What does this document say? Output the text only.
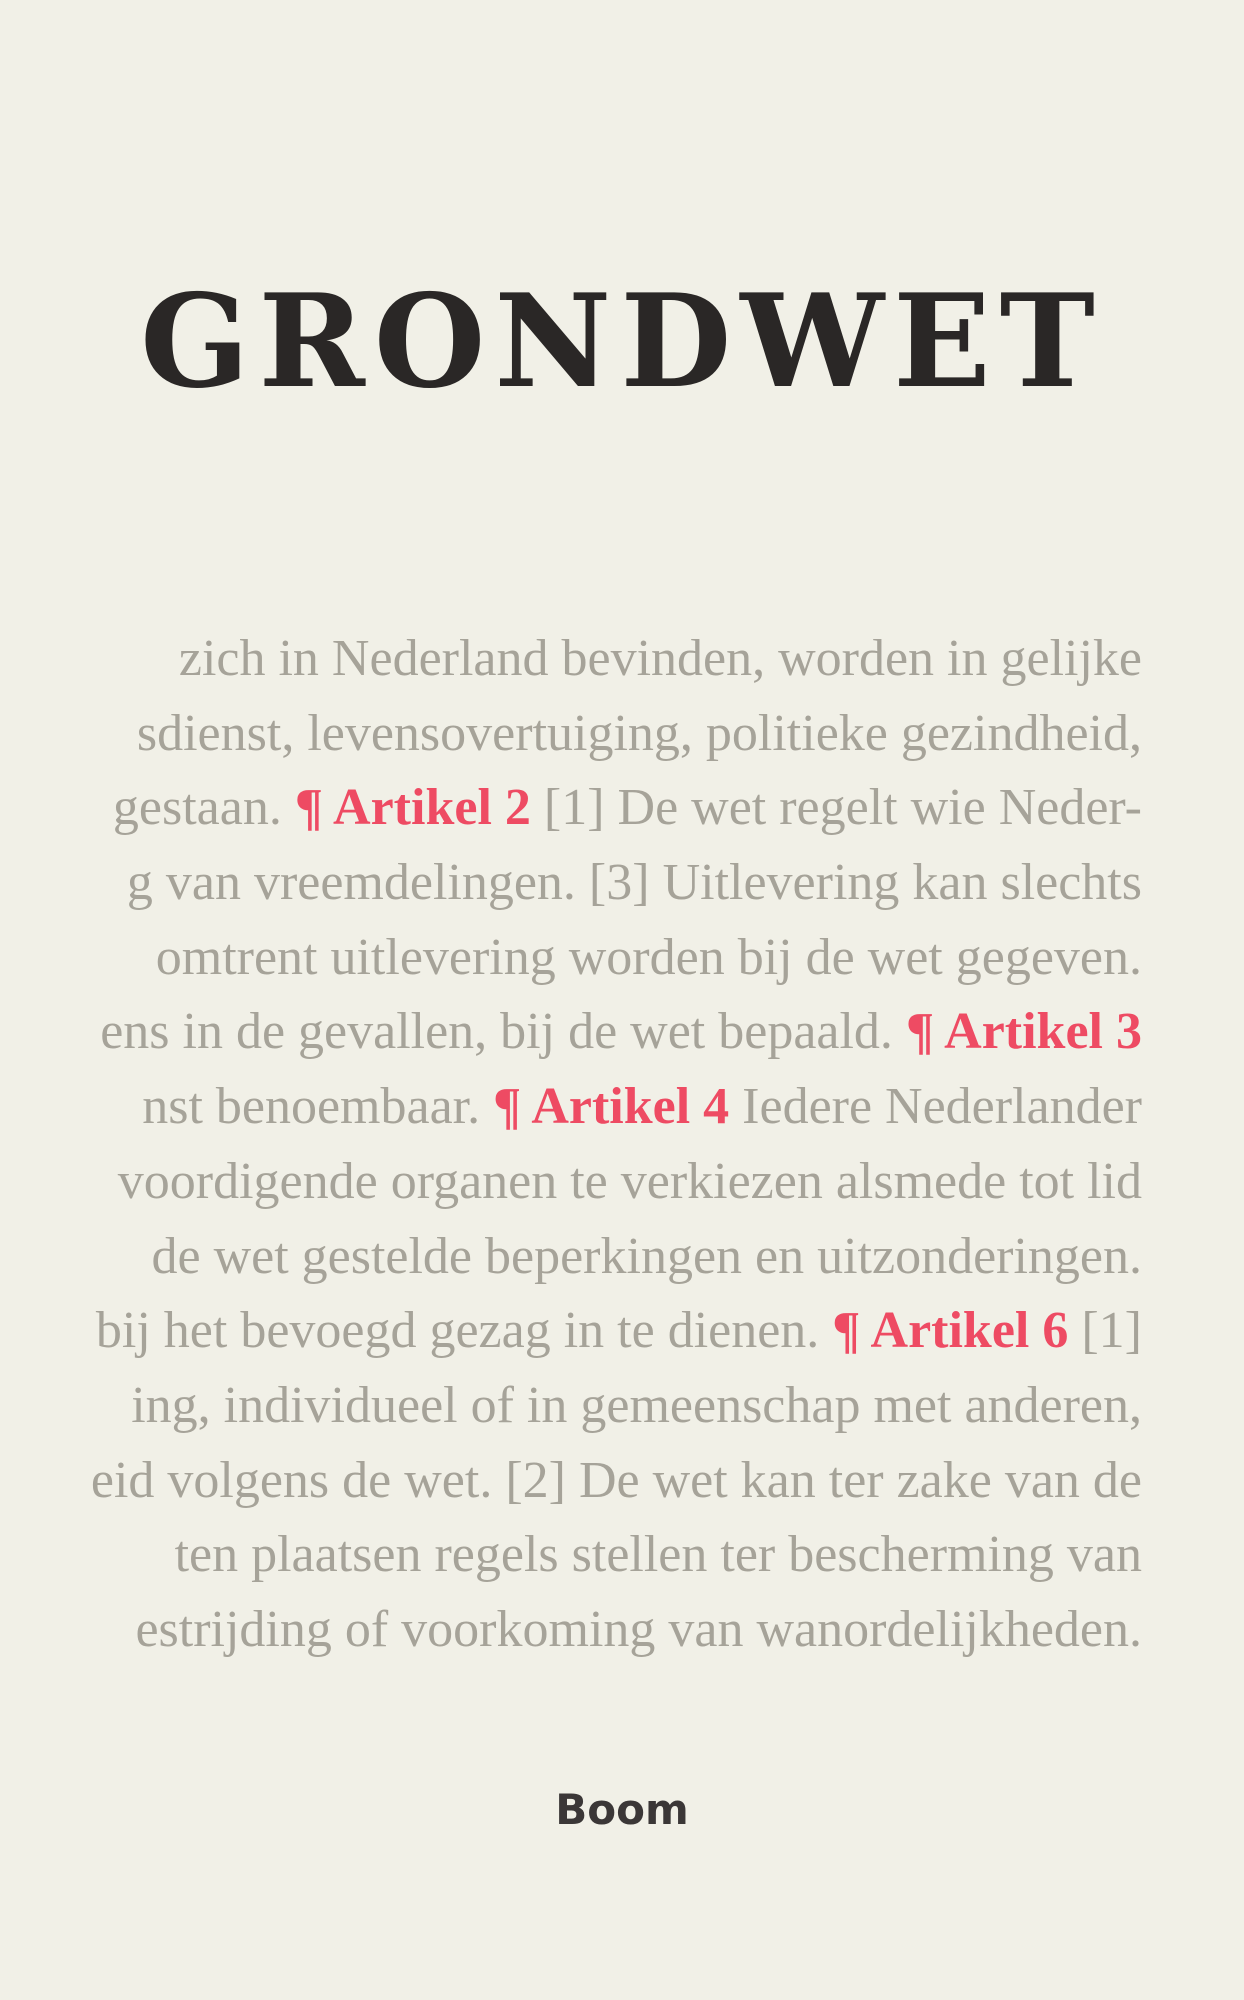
GRONDWET
zich in Nederland bevinden, worden in gelijke
sdienst, levensovertuiging, politieke gezindheid,
gestaan. ¶ Artikel 2 [1] De wet regelt wie Neder-
g van vreemdelingen. [3] Uitlevering kan slechts
omtrent uitlevering worden bij de wet gegeven.
ens in de gevallen, bij de wet bepaald. ¶ Artikel 3
nst benoembaar. ¶ Artikel 4 Iedere Nederlander
voordigende organen te verkiezen alsmede tot lid
de wet gestelde beperkingen en uitzonderingen.
bij het bevoegd gezag in te dienen. ¶ Artikel 6 [1]
ing, individueel of in gemeenschap met anderen,
eid volgens de wet. [2] De wet kan ter zake van de
ten plaatsen regels stellen ter bescherming van
estrijding of voorkoming van wanordelijkheden.
Boom
